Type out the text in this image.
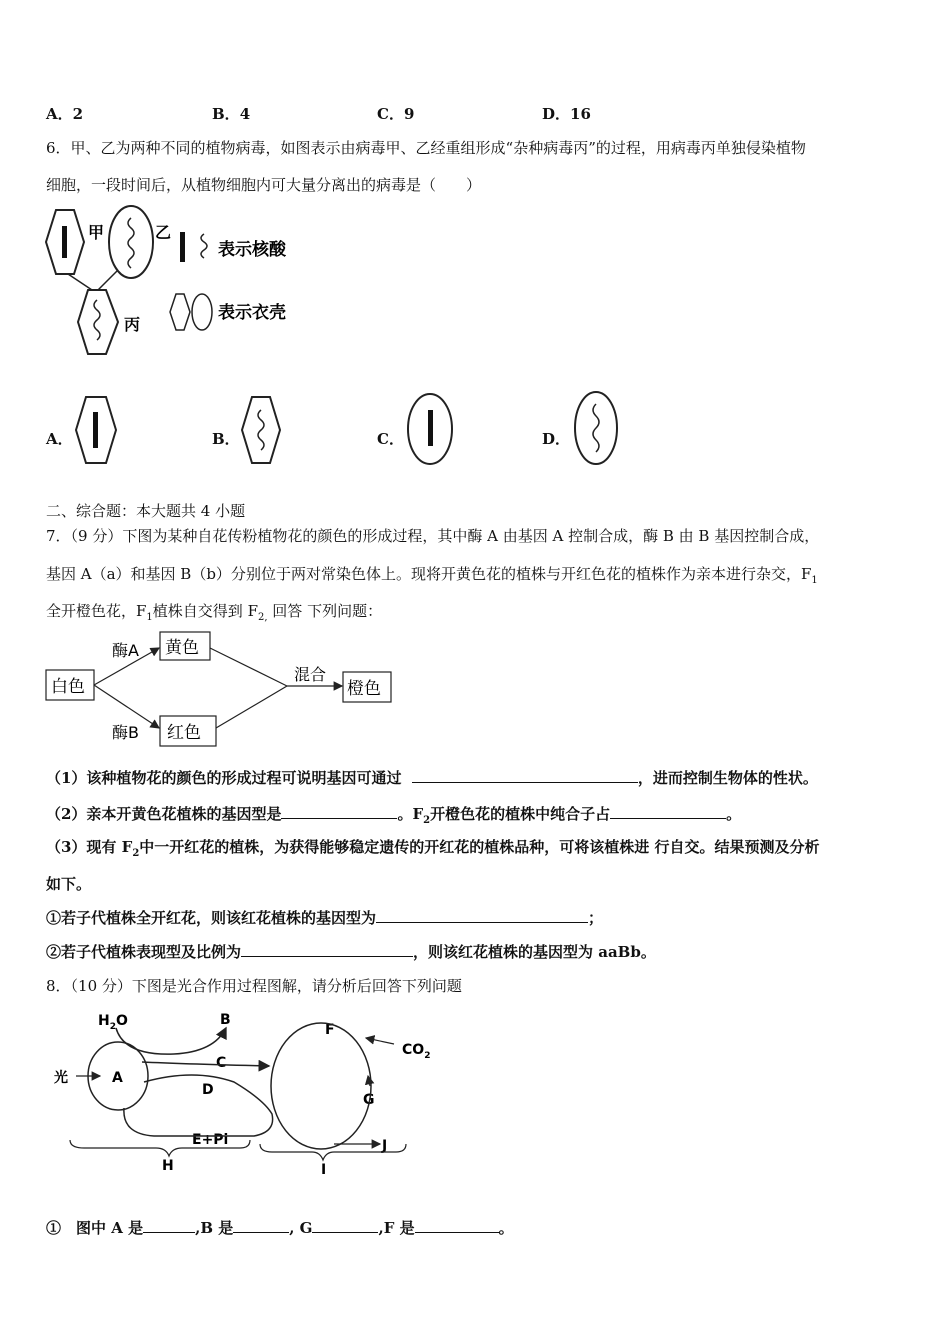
A．2	B．4	C．9	D．16
6．甲、乙为两种不同的植物病毒，如图表示由病毒甲、乙经重组形成“杂种病毒丙”的过程，用病毒丙单独侵染植物
细胞，一段时间后，从植物细胞内可大量分离出的病毒是（　　）
甲	乙
丙
表示核酸
表示衣壳
A．	B．	C．	D．
二、综合题：本大题共 4 小题
7．（9 分）下图为某种自花传粉植物花的颜色的形成过程，其中酶 A 由基因 A 控制合成，酶 B 由 B 基因控制合成，
基因 A（a）和基因 B（b）分别位于两对常染色体上。现将开黄色花的植株与开红色花的植株作为亲本进行杂交，$F_1$
全开橙色花，$F_1$植株自交得到 $F_{2,}$ 回答 下列问题：
白色
黄色
红色
橙色
酶A
酶B
混合
（1）该种植物花的颜色的形成过程可说明基因可通过	，进而控制生物体的性状。
（2）亲本开黄色花植株的基因型是	。$F_2$开橙色花的植株中纯合子占	。
（3）现有 $F_2$中一开红花的植株，为获得能够稳定遗传的开红花的植株品种，可将该植株进 行自交。结果预测及分析
如下。
①若子代植株全开红花，则该红花植株的基因型为	；
②若子代植株表现型及比例为	，则该红花植株的基因型为 aaBb。
8．（10 分）下图是光合作用过程图解，请分析后回答下列问题
$H_2O$	B
光	A
C
D
E+Pi
F
$CO_2$
G
J
H	I
①　图中 A 是	,B 是	, G	,F 是	。
